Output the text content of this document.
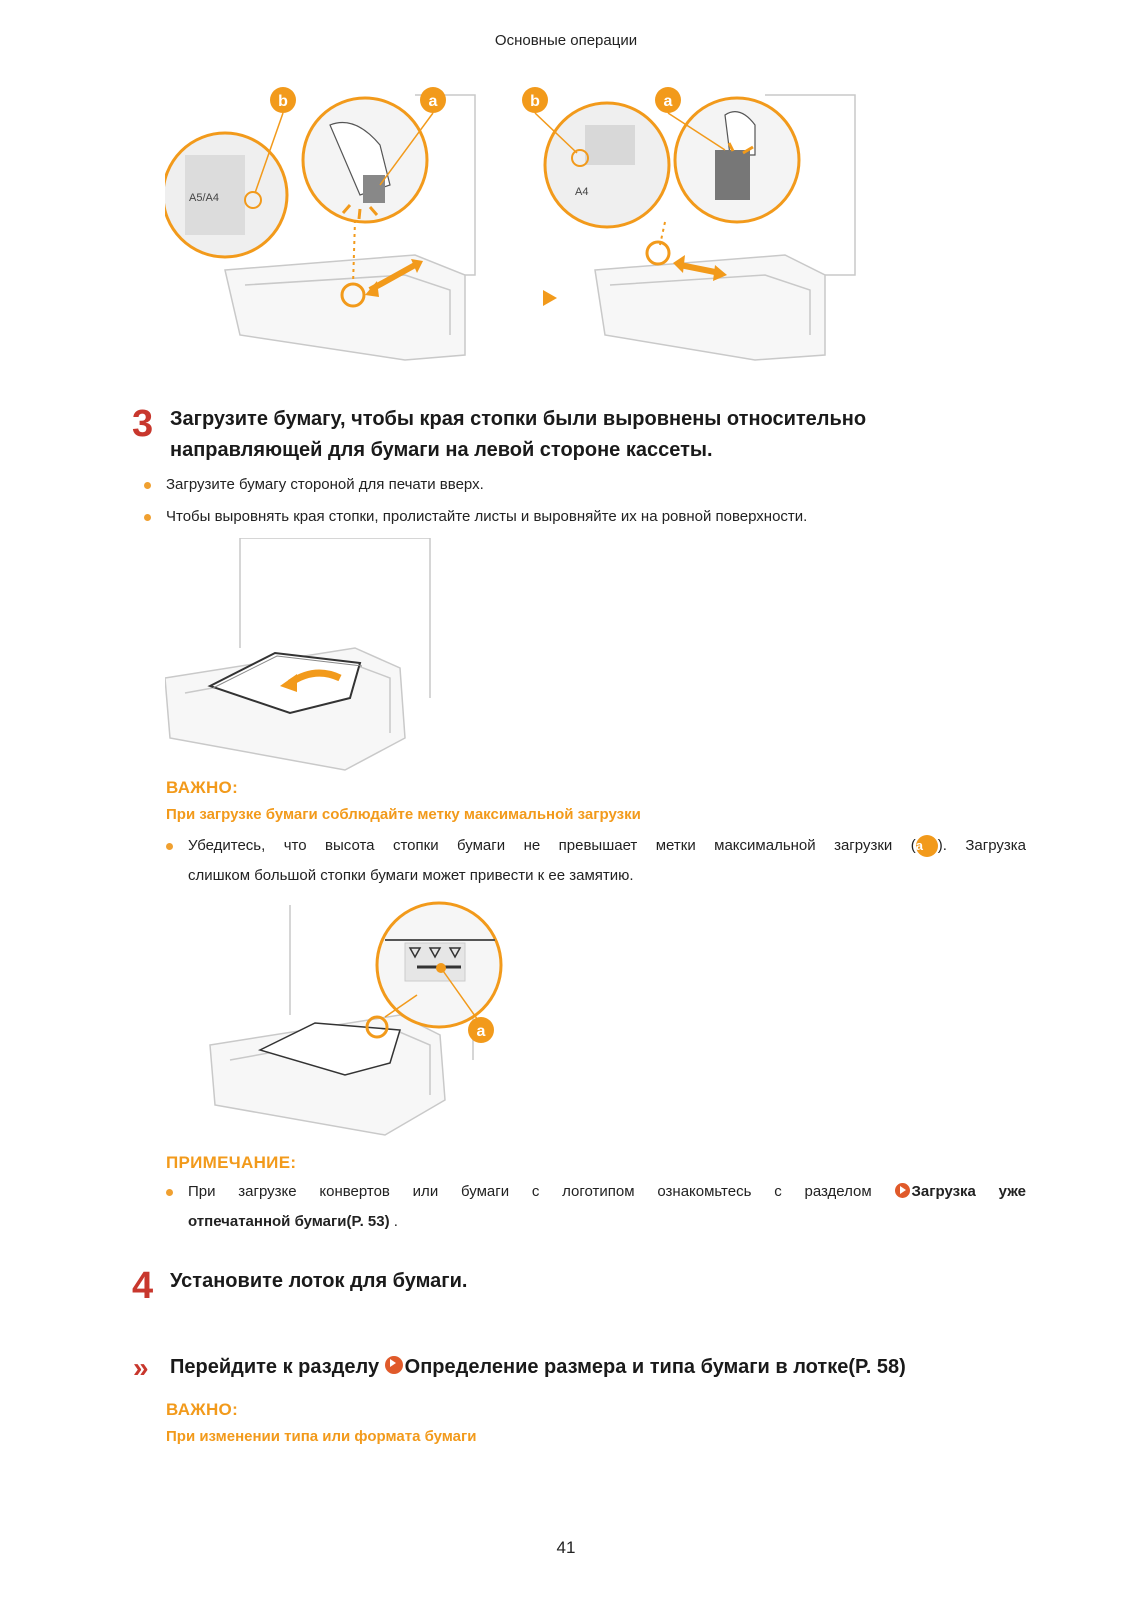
Основные операции
A5/A4
b	a
A4
b	a
3 Загрузите бумагу, чтобы края стопки были выровнены относительно
направляющей для бумаги на левой стороне кассеты.
Загрузите бумагу стороной для печати вверх.
Чтобы выровнять края стопки, пролистайте листы и выровняйте их на ровной поверхности.
ВАЖНО:
При загрузке бумаги соблюдайте метку максимальной загрузки
Убедитесь, что высота стопки бумаги не превышает метки максимальной загрузки (a ). Загрузка
слишком большой стопки бумаги может привести к ее замятию.
a
ПРИМЕЧАНИЕ:
При загрузке конвертов или бумаги с логотипом ознакомьтесь с разделом	Загрузка уже
отпечатанной бумаги(P. 53) .
4 Установите лоток для бумаги.
» Перейдите к разделу Определение размера и типа бумаги в лотке(P. 58)
ВАЖНО:
При изменении типа или формата бумаги
41
